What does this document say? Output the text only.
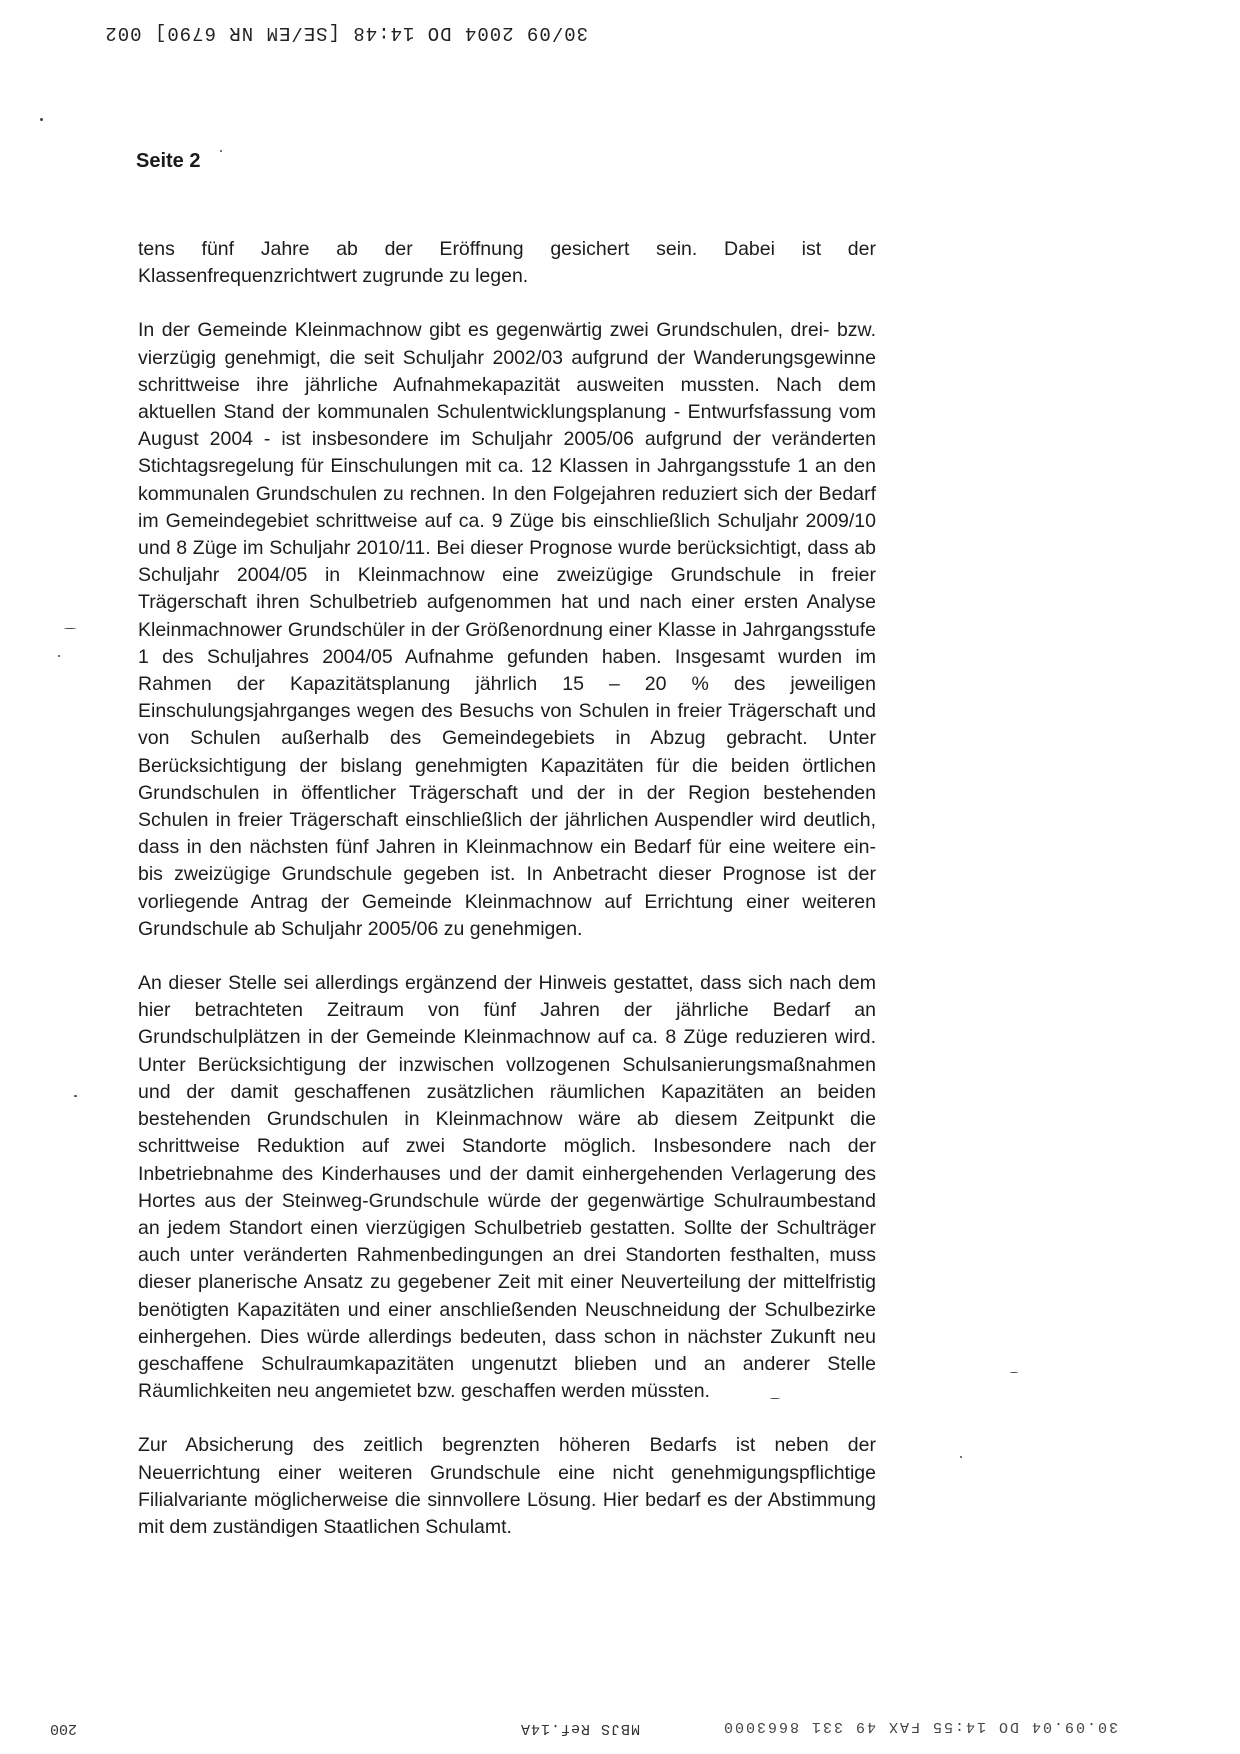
30/09 2004 DO 14:48 [SE/EM NR 6790] 002
Seite 2

tens fünf Jahre ab der Eröffnung gesichert sein. Dabei ist der Klassenfrequenzrichtwert zugrunde zu legen.

In der Gemeinde Kleinmachnow gibt es gegenwärtig zwei Grundschulen, drei- bzw. vierzügig genehmigt, die seit Schuljahr 2002/03 aufgrund der Wanderungsgewinne schrittweise ihre jährliche Aufnahmekapazität ausweiten mussten. Nach dem aktuellen Stand der kommunalen Schulentwicklungsplanung - Entwurfsfassung vom August 2004 - ist insbesondere im Schuljahr 2005/06 aufgrund der veränderten Stichtagsregelung für Einschulungen mit ca. 12 Klassen in Jahrgangsstufe 1 an den kommunalen Grundschulen zu rechnen. In den Folgejahren reduziert sich der Bedarf im Gemeindegebiet schrittweise auf ca. 9 Züge bis einschließlich Schuljahr 2009/10 und 8 Züge im Schuljahr 2010/11. Bei dieser Prognose wurde berücksichtigt, dass ab Schuljahr 2004/05 in Kleinmachnow eine zweizügige Grundschule in freier Trägerschaft ihren Schulbetrieb aufgenommen hat und nach einer ersten Analyse Kleinmachnower Grundschüler in der Größenordnung einer Klasse in Jahrgangsstufe 1 des Schuljahres 2004/05 Aufnahme gefunden haben. Insgesamt wurden im Rahmen der Kapazitätsplanung jährlich 15 – 20 % des jeweiligen Einschulungsjahrganges wegen des Besuchs von Schulen in freier Trägerschaft und von Schulen außerhalb des Gemeindegebiets in Abzug gebracht. Unter Berücksichtigung der bislang genehmigten Kapazitäten für die beiden örtlichen Grundschulen in öffentlicher Trägerschaft und der in der Region bestehenden Schulen in freier Trägerschaft einschließlich der jährlichen Auspendler wird deutlich, dass in den nächsten fünf Jahren in Kleinmachnow ein Bedarf für eine weitere ein- bis zweizügige Grundschule gegeben ist. In Anbetracht dieser Prognose ist der vorliegende Antrag der Gemeinde Kleinmachnow auf Errichtung einer weiteren Grundschule ab Schuljahr 2005/06 zu genehmigen.

An dieser Stelle sei allerdings ergänzend der Hinweis gestattet, dass sich nach dem hier betrachteten Zeitraum von fünf Jahren der jährliche Bedarf an Grundschulplätzen in der Gemeinde Kleinmachnow auf ca. 8 Züge reduzieren wird. Unter Berücksichtigung der inzwischen vollzogenen Schulsanierungsmaßnahmen und der damit geschaffenen zusätzlichen räumlichen Kapazitäten an beiden bestehenden Grundschulen in Kleinmachnow wäre ab diesem Zeitpunkt die schrittweise Reduktion auf zwei Standorte möglich. Insbesondere nach der Inbetriebnahme des Kinderhauses und der damit einhergehenden Verlagerung des Hortes aus der Steinweg-Grundschule würde der gegenwärtige Schulraumbestand an jedem Standort einen vierzügigen Schulbetrieb gestatten. Sollte der Schulträger auch unter veränderten Rahmenbedingungen an drei Standorten festhalten, muss dieser planerische Ansatz zu gegebener Zeit mit einer Neuverteilung der mittelfristig benötigten Kapazitäten und einer anschließenden Neuschneidung der Schulbezirke einhergehen. Dies würde allerdings bedeuten, dass schon in nächster Zukunft neu geschaffene Schulraumkapazitäten ungenutzt blieben und an anderer Stelle Räumlichkeiten neu angemietet bzw. geschaffen werden müssten.

Zur Absicherung des zeitlich begrenzten höheren Bedarfs ist neben der Neuerrichtung einer weiteren Grundschule eine nicht genehmigungspflichtige Filialvariante möglicherweise die sinnvollere Lösung. Hier bedarf es der Abstimmung mit dem zuständigen Staatlichen Schulamt.

200	MBJS Ref.14A	30.09.04 DO 14:55 FAX 49 331 8663000
